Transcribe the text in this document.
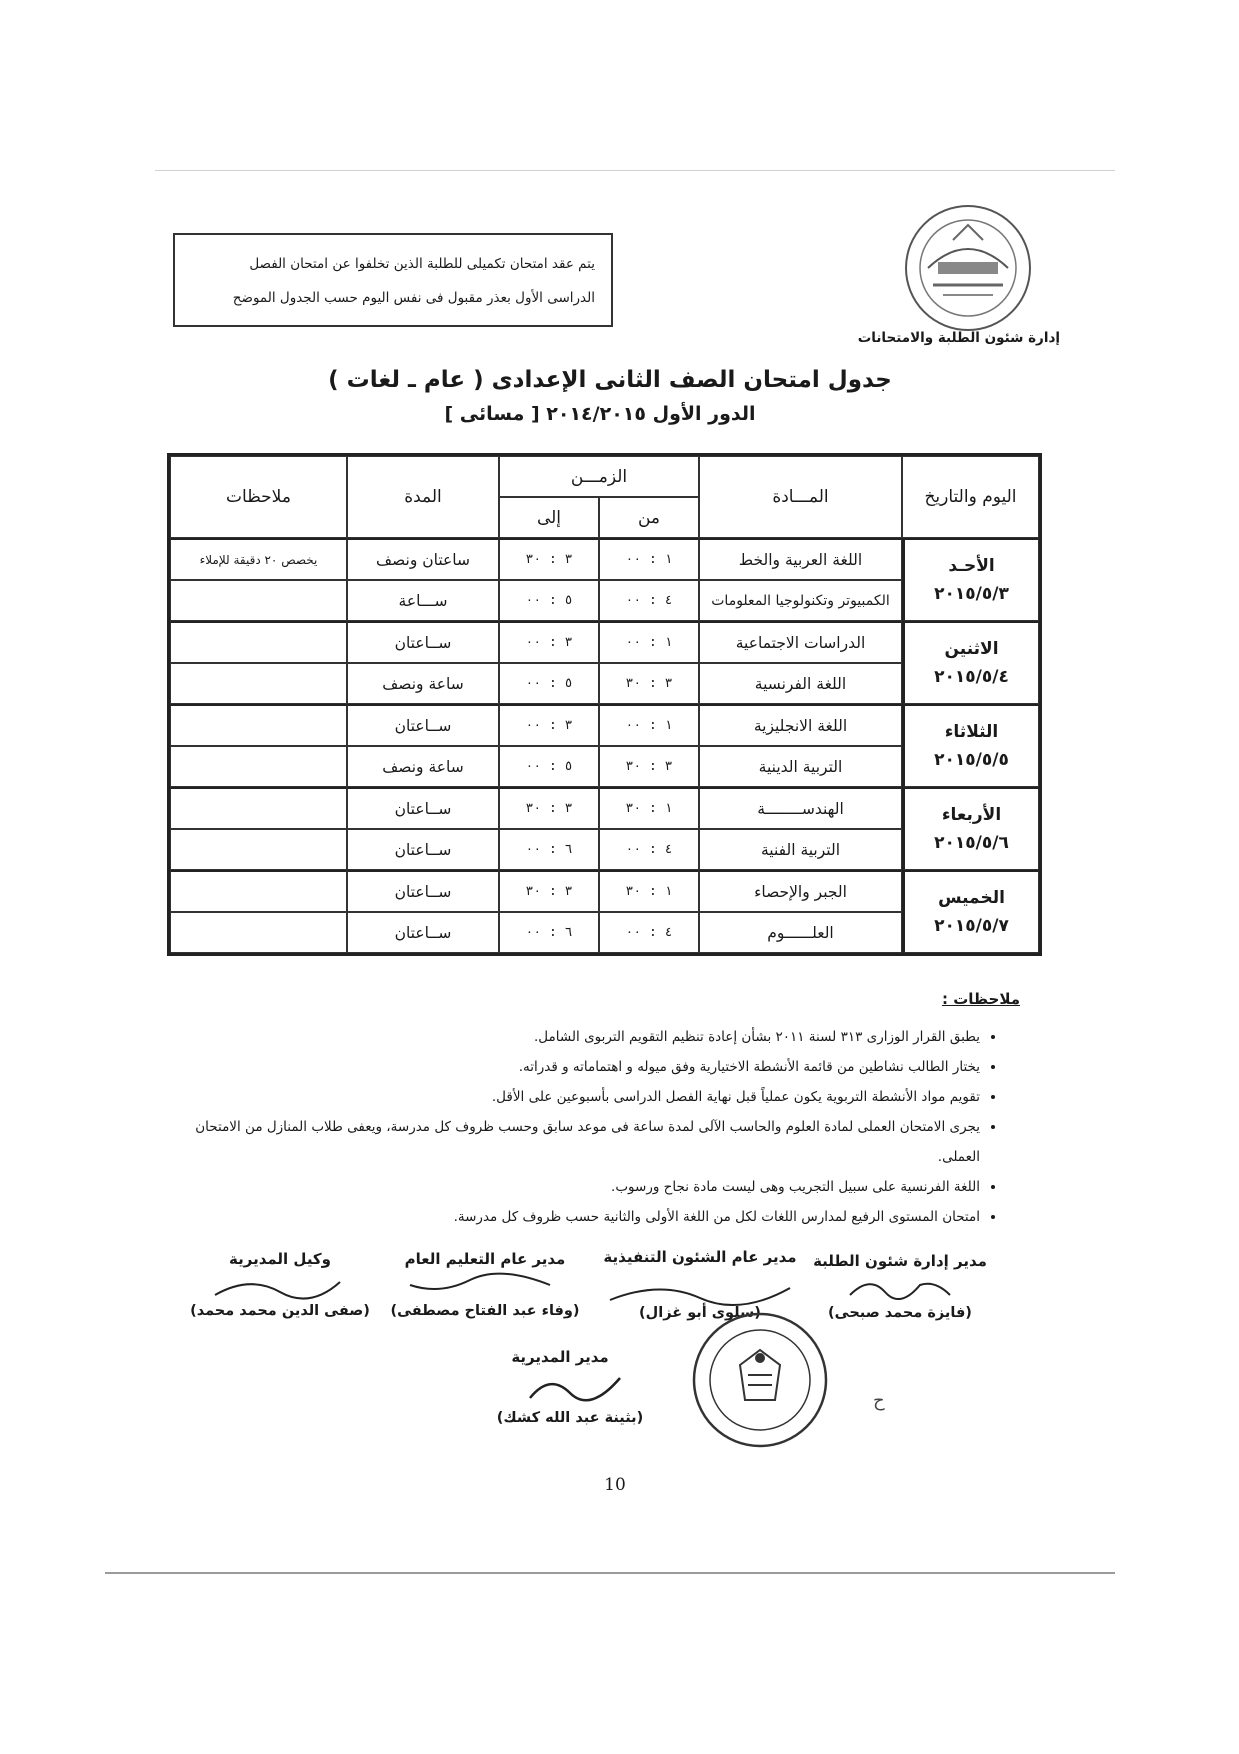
يتم عقد امتحان تكميلى للطلبة الذين تخلفوا عن امتحان الفصل
الدراسى الأول بعذر مقبول فى نفس اليوم حسب الجدول الموضح
إدارة شئون الطلبة والامتحانات
جدول امتحان الصف الثانى الإعدادى ( عام ـ لغات )
الدور الأول ٢٠١٤/٢٠١٥ [ مسائى ]
اليوم والتاريخ	المـــادة	الزمـــن		المدة	ملاحظات
		من	إلى		

الأحـد
٢٠١٥/٥/٣	اللغة العربية والخط	١ : ٠٠	٣ : ٣٠	ساعتان ونصف	يخصص ٢٠ دقيقة للإملاء
	الكمبيوتر وتكنولوجيا المعلومات	٤ : ٠٠	٥ : ٠٠	ســـاعة	

الاثنين
٢٠١٥/٥/٤	الدراسات الاجتماعية	١ : ٠٠	٣ : ٠٠	ســاعتان	
	اللغة الفرنسية	٣ : ٣٠	٥ : ٠٠	ساعة ونصف	

الثلاثاء
٢٠١٥/٥/٥	اللغة الانجليزية	١ : ٠٠	٣ : ٠٠	ســاعتان	
	التربية الدينية	٣ : ٣٠	٥ : ٠٠	ساعة ونصف	

الأربعاء
٢٠١٥/٥/٦	الهندســــــــة	١ : ٣٠	٣ : ٣٠	ســاعتان	
	التربية الفنية	٤ : ٠٠	٦ : ٠٠	ســاعتان	

الخميس
٢٠١٥/٥/٧	الجبر والإحصاء	١ : ٣٠	٣ : ٣٠	ســاعتان	
	العلــــــوم	٤ : ٠٠	٦ : ٠٠	ســاعتان	
ملاحظات :
• يطبق القرار الوزارى ٣١٣ لسنة ٢٠١١ بشأن إعادة تنظيم التقويم التربوى الشامل.
• يختار الطالب نشاطين من قائمة الأنشطة الاختيارية وفق ميوله و اهتماماته و قدراته.
• تقويم مواد الأنشطة التربوية يكون عملياً قبل نهاية الفصل الدراسى بأسبوعين على الأقل.
• يجرى الامتحان العملى لمادة العلوم والحاسب الآلى لمدة ساعة فى موعد سابق وحسب ظروف كل مدرسة، ويعفى طلاب المنازل من الامتحان العملى.
• اللغة الفرنسية على سبيل التجريب وهى ليست مادة نجاح ورسوب.
• امتحان المستوى الرفيع لمدارس اللغات لكل من اللغة الأولى والثانية حسب ظروف كل مدرسة.
مدير إدارة شئون الطلبة
(فايزة محمد صبحى)
مدير عام الشئون التنفيذية
(سلوى أبو غزال)
مدير عام التعليم العام
(وفاء عبد الفتاح مصطفى)
وكيل المديرية
(صفى الدين محمد محمد)
مدير المديرية
(بثينة عبد الله كشك)
ح
10
